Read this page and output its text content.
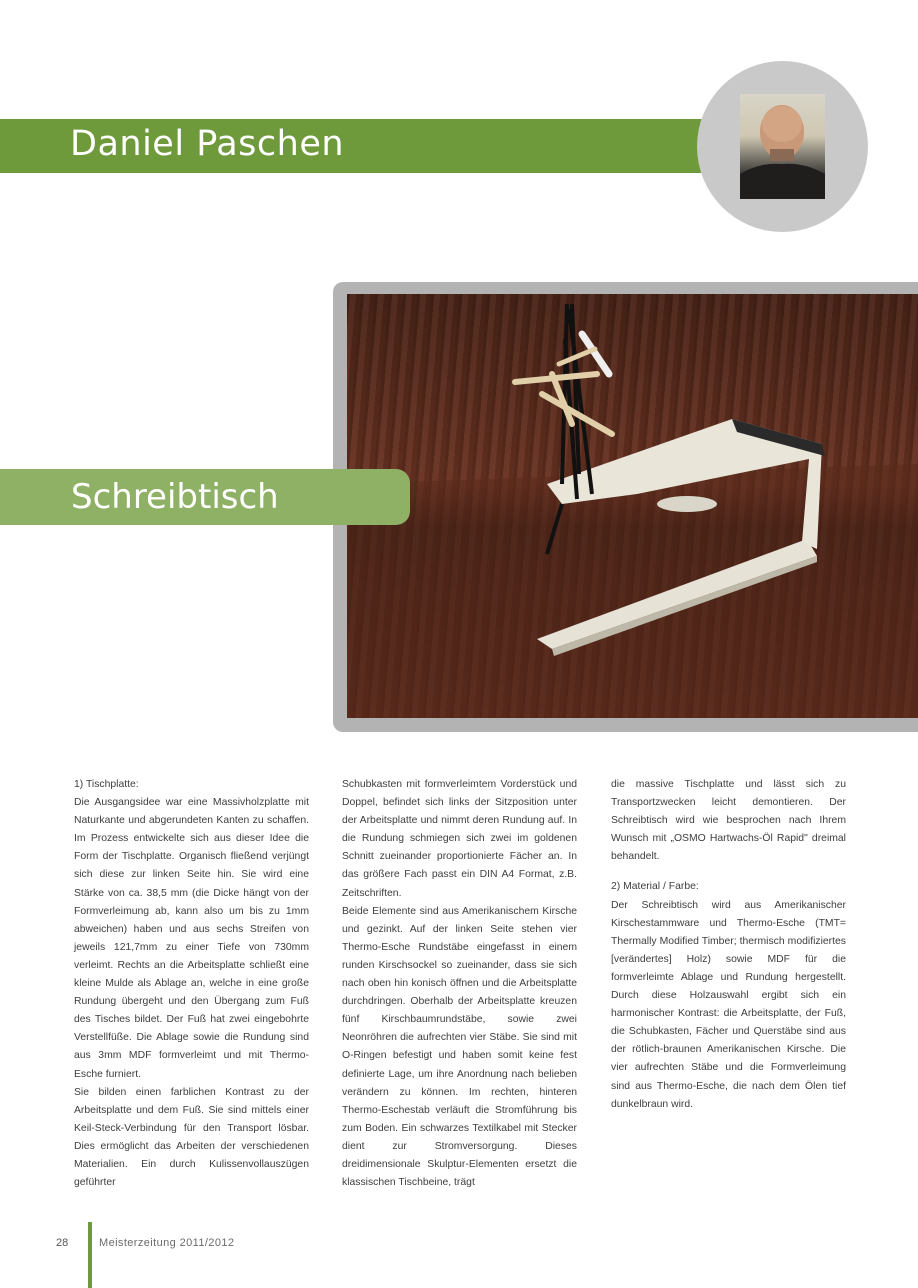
Daniel Paschen
Schreibtisch

1) Tischplatte:

Die Ausgangsidee war eine Massivholzplatte mit Naturkante und abgerundeten Kanten zu schaffen. Im Prozess entwickelte sich aus dieser Idee die Form der Tischplatte. Organisch fließend verjüngt sich diese zur linken Seite hin. Sie wird eine Stärke von ca. 38,5 mm (die Dicke hängt von der Formverleimung ab, kann also um bis zu 1mm abweichen) haben und aus sechs Streifen von jeweils 121,7mm zu einer Tiefe von 730mm verleimt. Rechts an die Arbeitsplatte schließt eine kleine Mulde als Ablage an, welche in eine große Rundung übergeht und den Übergang zum Fuß des Tisches bildet. Der Fuß hat zwei eingebohrte Verstellfüße. Die Ablage sowie die Rundung sind aus 3mm MDF formverleimt und mit Thermo-Esche furniert.

Sie bilden einen farblichen Kontrast zu der Arbeitsplatte und dem Fuß. Sie sind mittels einer Keil-Steck-Verbindung für den Transport lösbar. Dies ermöglicht das Arbeiten der verschiedenen Materialien. Ein durch Kulissenvollauszügen geführter

Schubkasten mit formverleimtem Vorderstück und Doppel, befindet sich links der Sitzposition unter der Arbeitsplatte und nimmt deren Rundung auf. In die Rundung schmiegen sich zwei im goldenen Schnitt zueinander proportionierte Fächer an. In das größere Fach passt ein DIN A4 Format, z.B. Zeitschriften.

Beide Elemente sind aus Amerikanischem Kirsche und gezinkt. Auf der linken Seite stehen vier Thermo-Esche Rundstäbe eingefasst in einem runden Kirschsockel so zueinander, dass sie sich nach oben hin konisch öffnen und die Arbeitsplatte durchdringen. Oberhalb der Arbeitsplatte kreuzen fünf Kirschbaumrundstäbe, sowie zwei Neonröhren die aufrechten vier Stäbe. Sie sind mit O-Ringen befestigt und haben somit keine fest definierte Lage, um ihre Anordnung nach belieben verändern zu können. Im rechten, hinteren Thermo-Eschestab verläuft die Stromführung bis zum Boden. Ein schwarzes Textilkabel mit Stecker dient zur Stromversorgung. Dieses dreidimensionale Skulptur-Elementen ersetzt die klassischen Tischbeine, trägt

die massive Tischplatte und lässt sich zu Transportzwecken leicht demontieren. Der Schreibtisch wird wie besprochen nach Ihrem Wunsch mit „OSMO Hartwachs-Öl Rapid" dreimal behandelt.

2) Material / Farbe:

Der Schreibtisch wird aus Amerikanischer Kirschestammware und Thermo-Esche (TMT= Thermally Modified Timber; thermisch modifiziertes [verändertes] Holz) sowie MDF für die formverleimte Ablage und Rundung hergestellt. Durch diese Holzauswahl ergibt sich ein harmonischer Kontrast: die Arbeitsplatte, der Fuß, die Schubkasten, Fächer und Querstäbe sind aus der rötlich-braunen Amerikanischen Kirsche. Die vier aufrechten Stäbe und die Formverleimung sind aus Thermo-Esche, die nach dem Ölen tief dunkelbraun wird.

28	Meisterzeitung 2011/2012
